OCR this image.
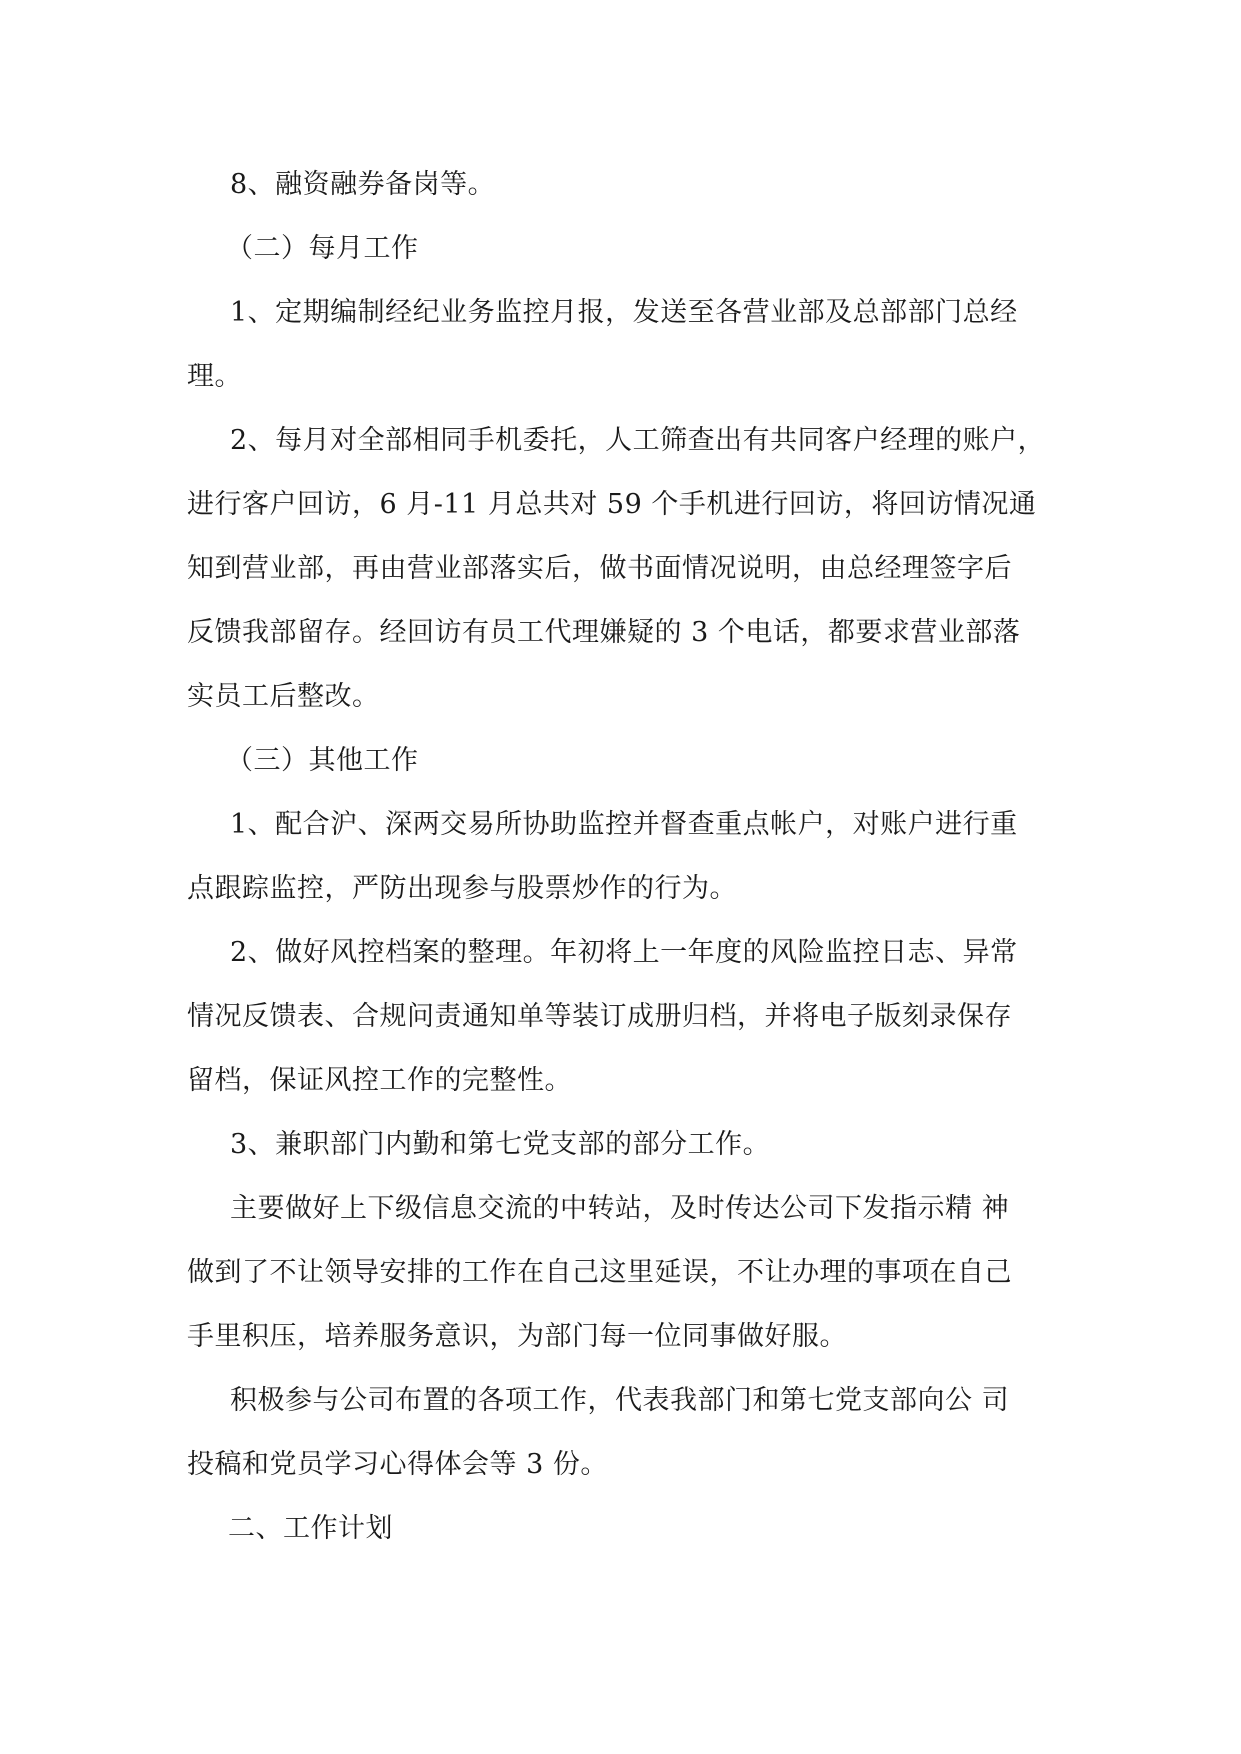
8、融资融券备岗等。
（二）每月工作
1、定期编制经纪业务监控月报，发送至各营业部及总部部门总经
理。
2、每月对全部相同手机委托，人工筛查出有共同客户经理的账户，
进行客户回访，6 月-11 月总共对 59 个手机进行回访，将回访情况通
知到营业部，再由营业部落实后，做书面情况说明，由总经理签字后
反馈我部留存。经回访有员工代理嫌疑的 3 个电话，都要求营业部落
实员工后整改。
（三）其他工作
1、配合沪、深两交易所协助监控并督查重点帐户，对账户进行重
点跟踪监控，严防出现参与股票炒作的行为。
2、做好风控档案的整理。年初将上一年度的风险监控日志、异常
情况反馈表、合规问责通知单等装订成册归档，并将电子版刻录保存
留档，保证风控工作的完整性。
3、兼职部门内勤和第七党支部的部分工作。
主要做好上下级信息交流的中转站，及时传达公司下发指示精 神
做到了不让领导安排的工作在自己这里延误，不让办理的事项在自己
手里积压，培养服务意识，为部门每一位同事做好服。
积极参与公司布置的各项工作，代表我部门和第七党支部向公 司
投稿和党员学习心得体会等 3 份。
二、工作计划
